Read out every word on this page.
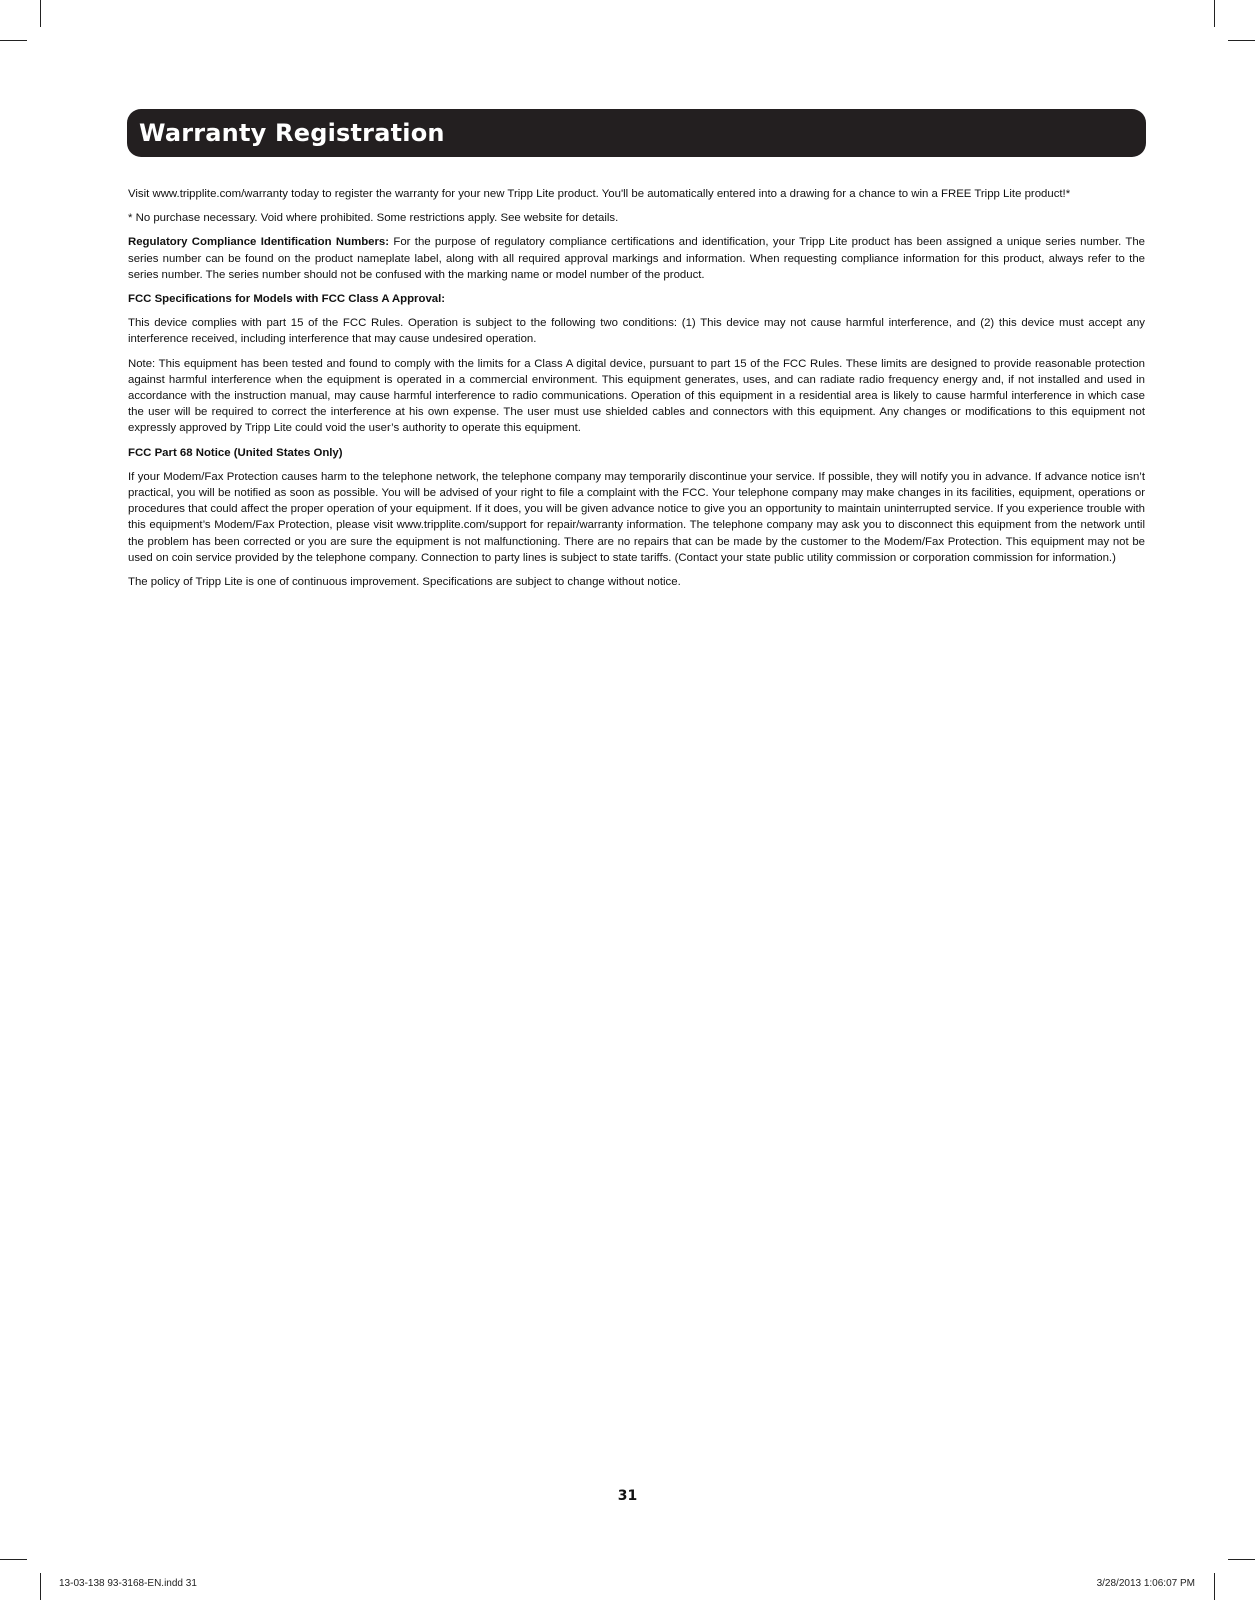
Warranty Registration

Visit www.tripplite.com/warranty today to register the warranty for your new Tripp Lite product. You'll be automatically entered into a drawing for a chance to win a FREE Tripp Lite product!*

* No purchase necessary. Void where prohibited. Some restrictions apply. See website for details.

Regulatory Compliance Identification Numbers: For the purpose of regulatory compliance certifications and identification, your Tripp Lite product has been assigned a unique series number. The series number can be found on the product nameplate label, along with all required approval markings and information. When requesting compliance information for this product, always refer to the series number. The series number should not be confused with the marking name or model number of the product.

FCC Specifications for Models with FCC Class A Approval:

This device complies with part 15 of the FCC Rules. Operation is subject to the following two conditions: (1) This device may not cause harmful interference, and (2) this device must accept any interference received, including interference that may cause undesired operation.

Note: This equipment has been tested and found to comply with the limits for a Class A digital device, pursuant to part 15 of the FCC Rules. These limits are designed to provide reasonable protection against harmful interference when the equipment is operated in a commercial environment. This equipment generates, uses, and can radiate radio frequency energy and, if not installed and used in accordance with the instruction manual, may cause harmful interference to radio communications. Operation of this equipment in a residential area is likely to cause harmful interference in which case the user will be required to correct the interference at his own expense. The user must use shielded cables and connectors with this equipment. Any changes or modifications to this equipment not expressly approved by Tripp Lite could void the user’s authority to operate this equipment.

FCC Part 68 Notice (United States Only)

If your Modem/Fax Protection causes harm to the telephone network, the telephone company may temporarily discontinue your service. If possible, they will notify you in advance. If advance notice isn’t practical, you will be notified as soon as possible. You will be advised of your right to file a complaint with the FCC. Your telephone company may make changes in its facilities, equipment, operations or procedures that could affect the proper operation of your equipment. If it does, you will be given advance notice to give you an opportunity to maintain uninterrupted service. If you experience trouble with this equipment’s Modem/Fax Protection, please visit www.tripplite.com/support for repair/warranty information. The telephone company may ask you to disconnect this equipment from the network until the problem has been corrected or you are sure the equipment is not malfunctioning. There are no repairs that can be made by the customer to the Modem/Fax Protection. This equipment may not be used on coin service provided by the telephone company. Connection to party lines is subject to state tariffs. (Contact your state public utility commission or corporation commission for information.)

The policy of Tripp Lite is one of continuous improvement. Specifications are subject to change without notice.

31
13-03-138 93-3168-EN.indd 31	3/28/2013 1:06:07 PM
